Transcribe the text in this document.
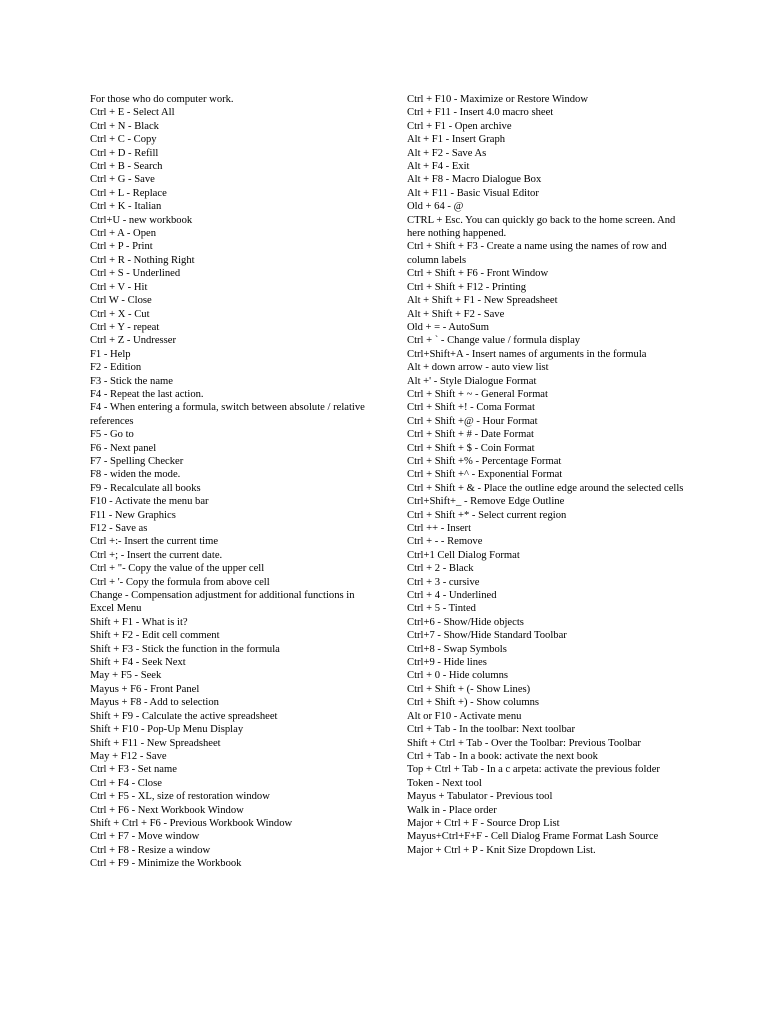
For those who do computer work.
Ctrl + E - Select All
Ctrl + N - Black
Ctrl + C - Copy
Ctrl + D - Refill
Ctrl + B - Search
Ctrl + G - Save
Ctrl + L - Replace
Ctrl + K - Italian
Ctrl+U - new workbook
Ctrl + A - Open
Ctrl + P - Print
Ctrl + R - Nothing Right
Ctrl + S - Underlined
Ctrl + V - Hit
Ctrl W - Close
Ctrl + X - Cut
Ctrl + Y - repeat
Ctrl + Z - Undresser
F1 - Help
F2 - Edition
F3 - Stick the name
F4 - Repeat the last action.
F4 - When entering a formula, switch between absolute / relative references
F5 - Go to
F6 - Next panel
F7 - Spelling Checker
F8 - widen the mode.
F9 - Recalculate all books
F10 - Activate the menu bar
F11 - New Graphics
F12 - Save as
Ctrl +:- Insert the current time
Ctrl +; - Insert the current date.
Ctrl + "- Copy the value of the upper cell
Ctrl + '- Copy the formula from above cell
Change - Compensation adjustment for additional functions in Excel Menu
Shift + F1 - What is it?
Shift + F2 - Edit cell comment
Shift + F3 - Stick the function in the formula
Shift + F4 - Seek Next
May + F5 - Seek
Mayus + F6 - Front Panel
Mayus + F8 - Add to selection
Shift + F9 - Calculate the active spreadsheet
Shift + F10 - Pop-Up Menu Display
Shift + F11 - New Spreadsheet
May + F12 - Save
Ctrl + F3 - Set name
Ctrl + F4 - Close
Ctrl + F5 - XL, size of restoration window
Ctrl + F6 - Next Workbook Window
Shift + Ctrl + F6 - Previous Workbook Window
Ctrl + F7 - Move window
Ctrl + F8 - Resize a window
Ctrl + F9 - Minimize the Workbook
Ctrl + F10 - Maximize or Restore Window
Ctrl + F11 - Insert 4.0 macro sheet
Ctrl + F1 - Open archive
Alt + F1 - Insert Graph
Alt + F2 - Save As
Alt + F4 - Exit
Alt + F8 - Macro Dialogue Box
Alt + F11 - Basic Visual Editor
Old + 64 - @
CTRL + Esc. You can quickly go back to the home screen. And here nothing happened.
Ctrl + Shift + F3 - Create a name using the names of row and column labels
Ctrl + Shift + F6 - Front Window
Ctrl + Shift + F12 - Printing
Alt + Shift + F1 - New Spreadsheet
Alt + Shift + F2 - Save
Old + = - AutoSum
Ctrl + ` - Change value / formula display
Ctrl+Shift+A - Insert names of arguments in the formula
Alt + down arrow - auto view list
Alt +' - Style Dialogue Format
Ctrl + Shift + ~ - General Format
Ctrl + Shift +! - Coma Format
Ctrl + Shift +@ - Hour Format
Ctrl + Shift + # - Date Format
Ctrl + Shift + $ - Coin Format
Ctrl + Shift +% - Percentage Format
Ctrl + Shift +^ - Exponential Format
Ctrl + Shift + & - Place the outline edge around the selected cells
Ctrl+Shift+_ - Remove Edge Outline
Ctrl + Shift +* - Select current region
Ctrl ++ - Insert
Ctrl + - - Remove
Ctrl+1 Cell Dialog Format
Ctrl + 2 - Black
Ctrl + 3 - cursive
Ctrl + 4 - Underlined
Ctrl + 5 - Tinted
Ctrl+6 - Show/Hide objects
Ctrl+7 - Show/Hide Standard Toolbar
Ctrl+8 - Swap Symbols
Ctrl+9 - Hide lines
Ctrl + 0 - Hide columns
Ctrl + Shift + (- Show Lines)
Ctrl + Shift +) - Show columns
Alt or F10 - Activate menu
Ctrl + Tab - In the toolbar: Next toolbar
Shift + Ctrl + Tab - Over the Toolbar: Previous Toolbar
Ctrl + Tab - In a book: activate the next book
Top + Ctrl + Tab - In a c arpeta: activate the previous folder
Token - Next tool
Mayus + Tabulator - Previous tool
Walk in - Place order
Major + Ctrl + F - Source Drop List
Mayus+Ctrl+F+F - Cell Dialog Frame Format Lash Source
Major + Ctrl + P - Knit Size Dropdown List.
